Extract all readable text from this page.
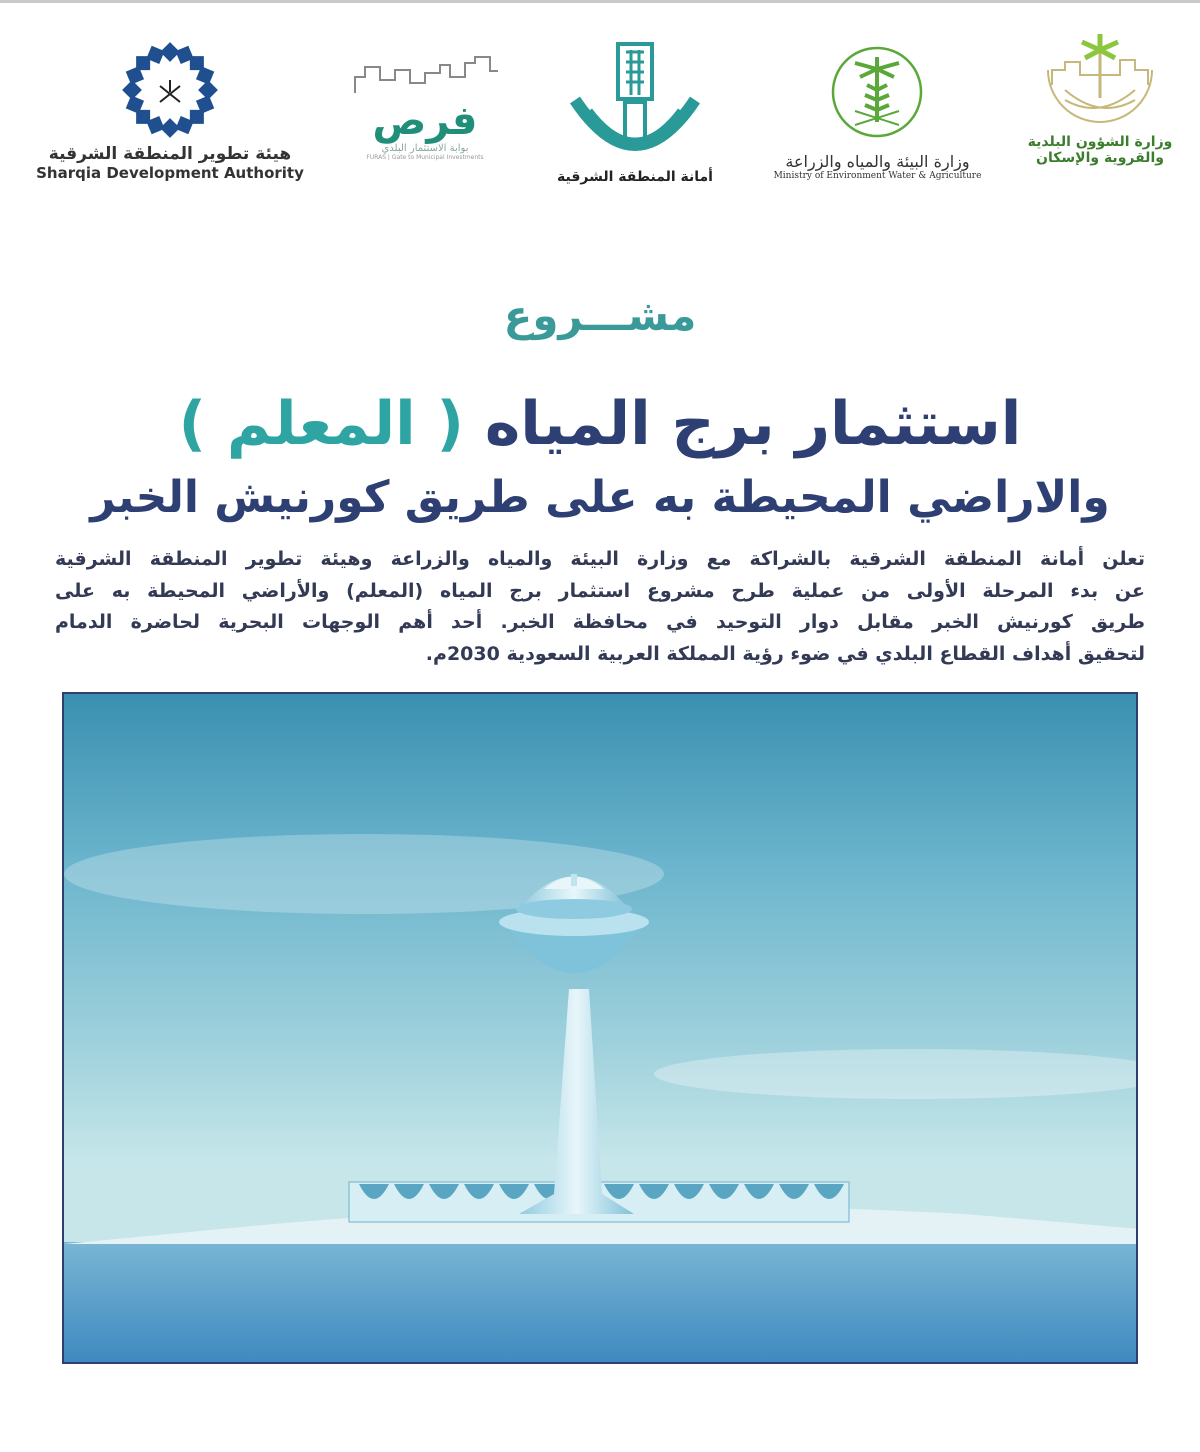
هيئة تطوير المنطقة الشرقية
Sharqia Development Authority
فرص
بوابة الاستثمار البلدي
FURAS | Gate to Municipal Investments
أمانة المنطقة الشرقية
وزارة البيئة والمياه والزراعة
Ministry of Environment Water & Agriculture
وزارة الشؤون البلدية
والقروية والإسكان
مشـــروع
استثمار برج المياه ( المعلم )
والاراضي المحيطة به على طريق كورنيش الخبر
تعلن أمانة المنطقة الشرقية بالشراكة مع وزارة البيئة والمياه والزراعة وهيئة تطوير المنطقة الشرقية
عن بدء المرحلة الأولى من عملية طرح مشروع استثمار برج المياه (المعلم) والأراضي المحيطة به على
طريق كورنيش الخبر مقابل دوار التوحيد في محافظة الخبر. أحد أهم الوجهات البحرية لحاضرة الدمام
لتحقيق أهداف القطاع البلدي في ضوء رؤية المملكة العربية السعودية 2030م.
